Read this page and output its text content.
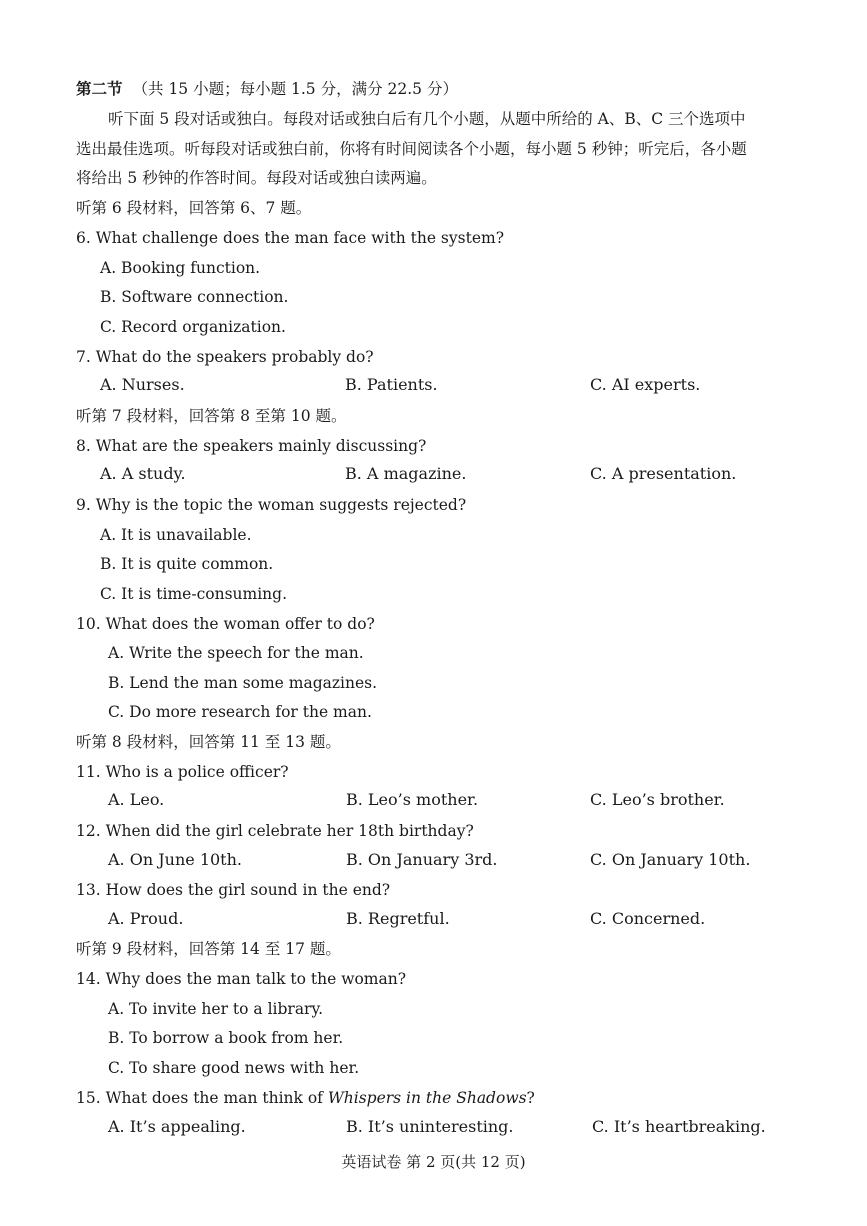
第二节 （共 15 小题；每小题 1.5 分，满分 22.5 分）
听下面 5 段对话或独白。每段对话或独白后有几个小题，从题中所给的 A、B、C 三个选项中
选出最佳选项。听每段对话或独白前，你将有时间阅读各个小题，每小题 5 秒钟；听完后，各小题
将给出 5 秒钟的作答时间。每段对话或独白读两遍。
听第 6 段材料，回答第 6、7 题。
6. What challenge does the man face with the system?
A. Booking function.
B. Software connection.
C. Record organization.
7. What do the speakers probably do?
A. Nurses.	B. Patients.	C. AI experts.
听第 7 段材料，回答第 8 至第 10 题。
8. What are the speakers mainly discussing?
A. A study.	B. A magazine.	C. A presentation.
9. Why is the topic the woman suggests rejected?
A. It is unavailable.
B. It is quite common.
C. It is time-consuming.
10. What does the woman offer to do?
A. Write the speech for the man.
B. Lend the man some magazines.
C. Do more research for the man.
听第 8 段材料，回答第 11 至 13 题。
11. Who is a police officer?
A. Leo.	B. Leo’s mother.	C. Leo’s brother.
12. When did the girl celebrate her 18th birthday?
A. On June 10th.	B. On January 3rd.	C. On January 10th.
13. How does the girl sound in the end?
A. Proud.	B. Regretful.	C. Concerned.
听第 9 段材料，回答第 14 至 17 题。
14. Why does the man talk to the woman?
A. To invite her to a library.
B. To borrow a book from her.
C. To share good news with her.
15. What does the man think of Whispers in the Shadows?
A. It’s appealing.	B. It’s uninteresting.	C. It’s heartbreaking.
英语试卷 第 2 页(共 12 页)
